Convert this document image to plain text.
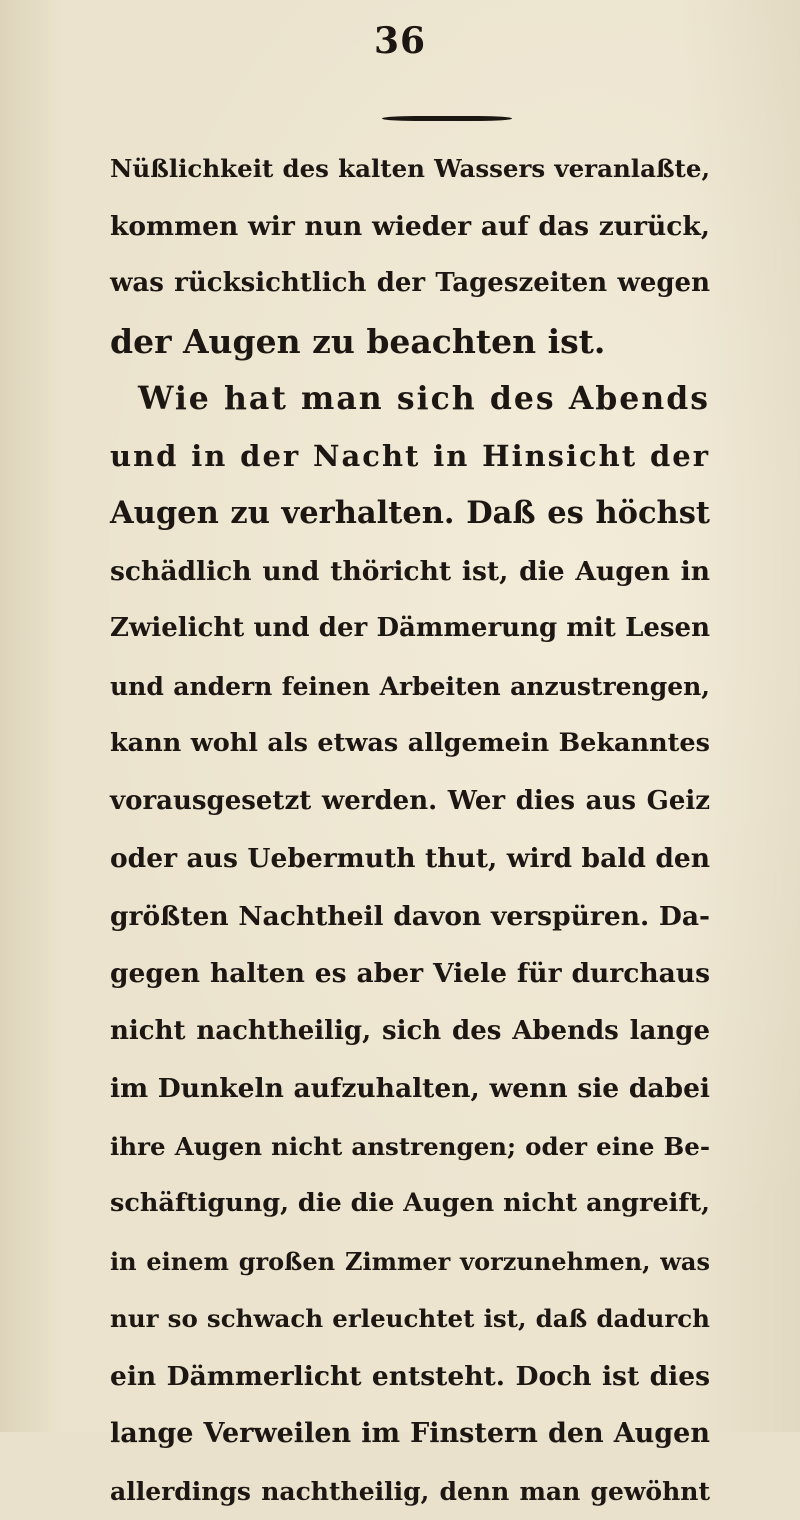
36
Nüßlichkeit des kalten Wassers veranlaßte,
kommen wir nun wieder auf das zurück,
was rücksichtlich der Tageszeiten wegen
der Augen zu beachten ist.
Wie hat man sich des Abends
und in der Nacht in Hinsicht der
Augen zu verhalten. Daß es höchst
schädlich und thöricht ist, die Augen in
Zwielicht und der Dämmerung mit Lesen
und andern feinen Arbeiten anzustrengen,
kann wohl als etwas allgemein Bekanntes
vorausgesetzt werden. Wer dies aus Geiz
oder aus Uebermuth thut, wird bald den
größten Nachtheil davon verspüren. Da-
gegen halten es aber Viele für durchaus
nicht nachtheilig, sich des Abends lange
im Dunkeln aufzuhalten, wenn sie dabei
ihre Augen nicht anstrengen; oder eine Be-
schäftigung, die die Augen nicht angreift,
in einem großen Zimmer vorzunehmen, was
nur so schwach erleuchtet ist, daß dadurch
ein Dämmerlicht entsteht. Doch ist dies
lange Verweilen im Finstern den Augen
allerdings nachtheilig, denn man gewöhnt
